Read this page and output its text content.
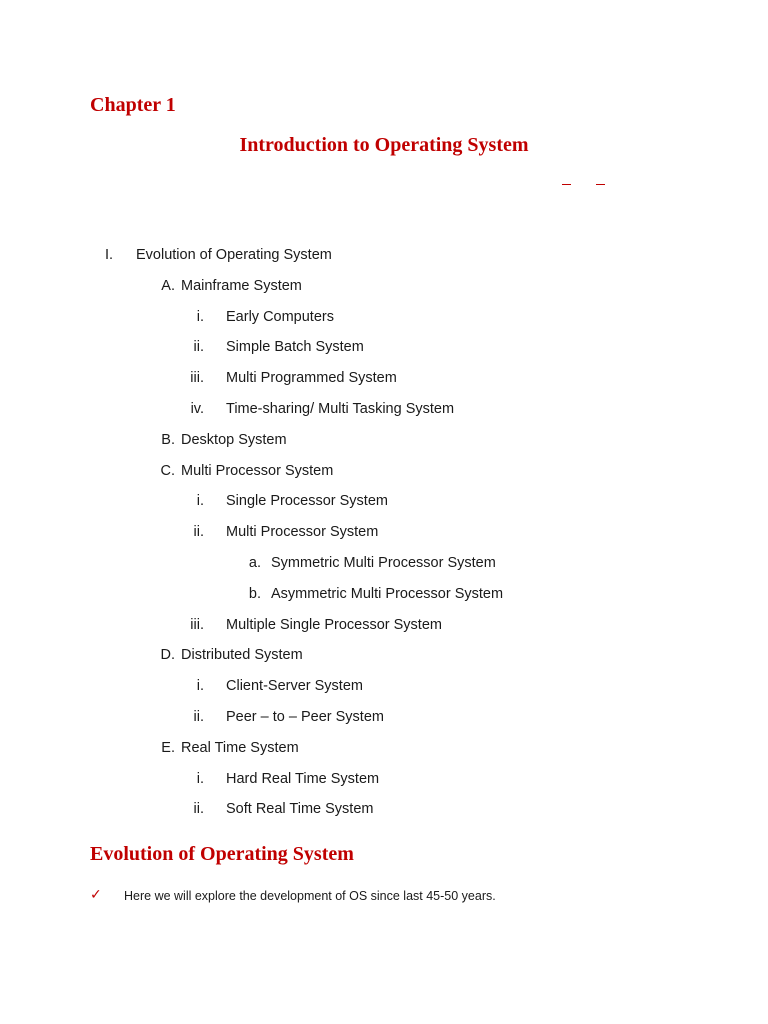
Chapter 1
Introduction to Operating System
I. Evolution of Operating System
A. Mainframe System
i. Early Computers
ii. Simple Batch System
iii. Multi Programmed System
iv. Time-sharing/ Multi Tasking System
B. Desktop System
C. Multi Processor System
i. Single Processor System
ii. Multi Processor System
a. Symmetric Multi Processor System
b. Asymmetric Multi Processor System
iii. Multiple Single Processor System
D. Distributed System
i. Client-Server System
ii. Peer – to – Peer System
E. Real Time System
i. Hard Real Time System
ii. Soft Real Time System
Evolution of Operating System
✓ Here we will explore the development of OS since last 45-50 years.
